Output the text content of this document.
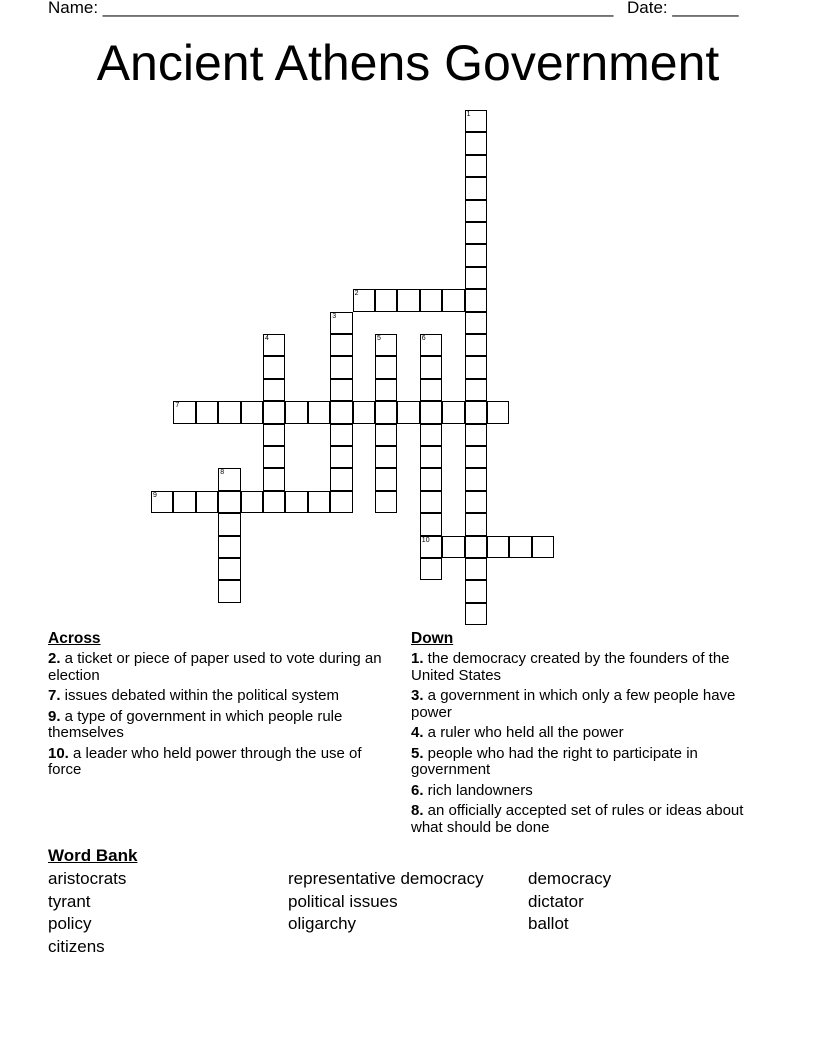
Name: ______________________________________________________ Date: _______
Ancient Athens Government
1
2
3
4	5	6
10
7
8
9
Across
2. a ticket or piece of paper used to vote during an election
7. issues debated within the political system
9. a type of government in which people rule themselves
10. a leader who held power through the use of force
Down
1. the democracy created by the founders of the United States
3. a government in which only a few people have power
4. a ruler who held all the power
5. people who had the right to participate in government
6. rich landowners
8. an officially accepted set of rules or ideas about what should be done
Word Bank
aristocrats
tyrant
policy
citizens
representative democracy
political issues
oligarchy
democracy
dictator
ballot
